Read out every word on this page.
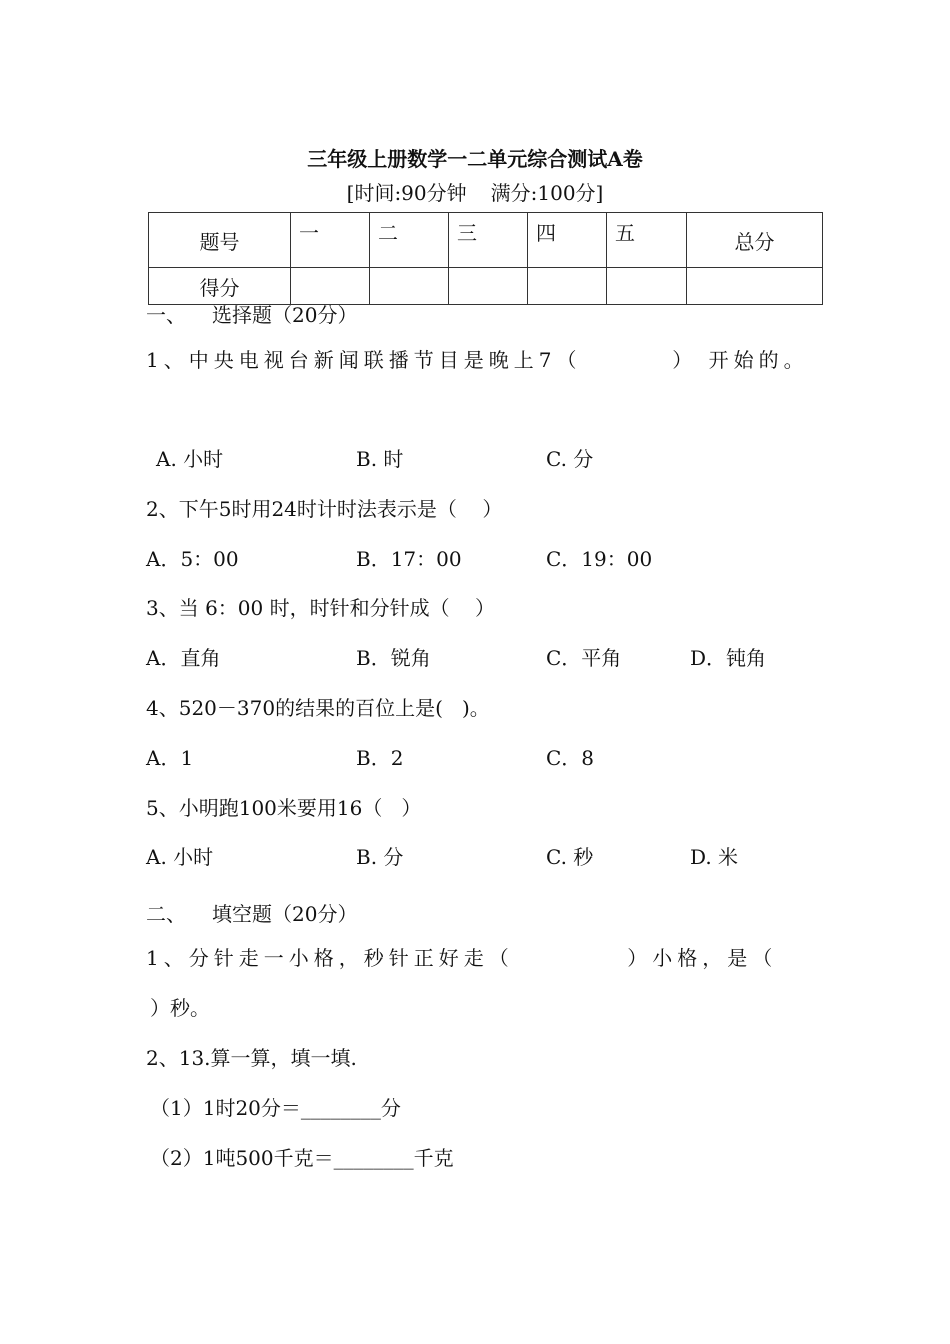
三年级上册数学一二单元综合测试A卷
[时间:90分钟 满分:100分]
题号	一	二	三	四	五	总分
得分						
一、 选择题（20分）
1、中央电视台新闻联播节目是晚上7（        ） 开始的。
A. 小时	B. 时	C. 分
2、下午5时用24时计时法表示是（    ）
A．5：00	B．17：00	C．19：00
3、当 6：00 时，时针和分针成（    ）
A．直角	B．锐角	C．平角	D．钝角
4、520－370的结果的百位上是(   )。
A．1	B．2	C．8
5、小明跑100米要用16（   ）
A. 小时	B. 分	C. 秒	D. 米
二、 填空题（20分）
1、分针走一小格，秒针正好走（          ）小格，是（
）秒。
2、13.算一算，填一填.
（1）1时20分＝________分
（2）1吨500千克＝________千克
